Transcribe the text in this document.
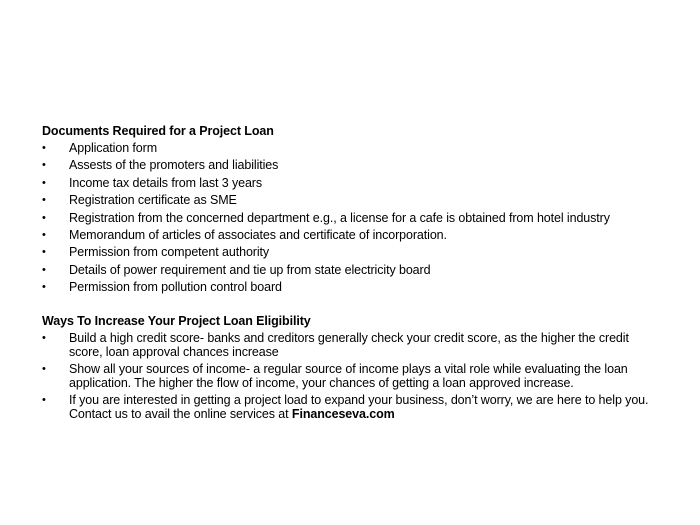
Documents Required for a Project Loan
• Application form
• Assests of the promoters and liabilities
• Income tax details from last 3 years
• Registration certificate as SME
• Registration from the concerned department e.g., a license for a cafe is obtained from hotel industry
• Memorandum of articles of associates and certificate of incorporation.
• Permission from competent authority
• Details of power requirement and tie up from state electricity board
• Permission from pollution control board
Ways To Increase Your Project Loan Eligibility
• Build a high credit score- banks and creditors generally check your credit score, as the higher the credit score, loan approval chances increase
• Show all your sources of income- a regular source of income plays a vital role while evaluating the loan application. The higher the flow of income, your chances of getting a loan approved increase.
• If you are interested in getting a project load to expand your business, don’t worry, we are here to help you. Contact us to avail the online services at Financeseva.com
